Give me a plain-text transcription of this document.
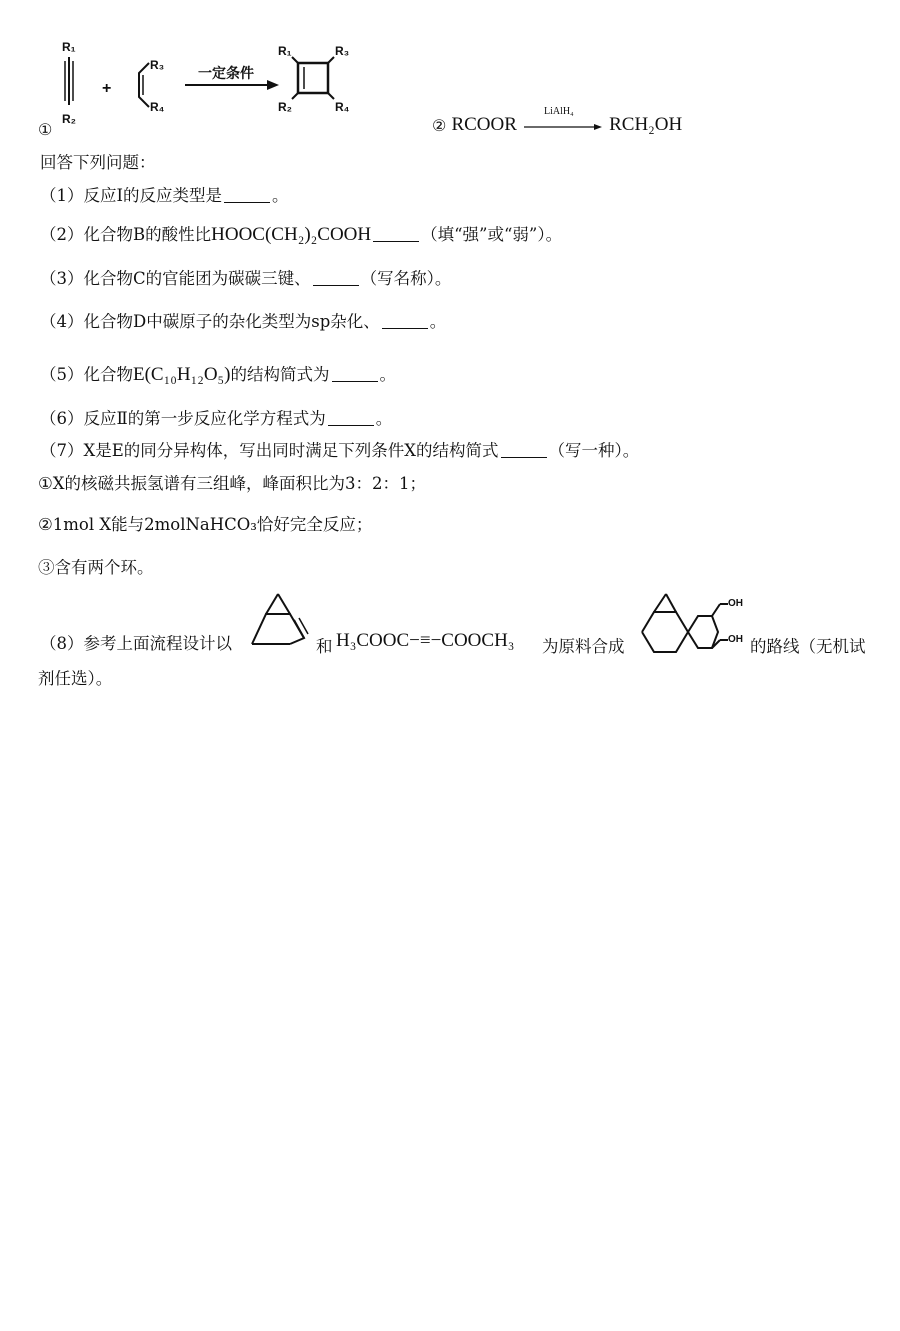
①
R₁
R₂
+
R₃
R₄
一定条件
R₁	R₃
R₂	R₄
② RCOOR
LiAlH₄
RCH₂OH
回答下列问题：
（1）反应Ⅰ的反应类型是	。
（2）化合物B的酸性比HOOC(CH₂)₂COOH	（填“强”或“弱”）。
（3）化合物C的官能团为碳碳三键、	（写名称）。
（4）化合物D中碳原子的杂化类型为sp杂化、	。
（5）化合物E(C₁₀H₁₂O₅)的结构简式为	。
（6）反应Ⅱ的第一步反应化学方程式为	。
（7）X是E的同分异构体，写出同时满足下列条件X的结构简式	（写一种）。
①X的核磁共振氢谱有三组峰，峰面积比为3：2：1；
②1mol X能与2molNaHCO₃恰好完全反应；
③含有两个环。
（8）参考上面流程设计以	和 H₃COOC−≡−COOCH₃ 为原料合成
OH
OH 的路线（无机试
剂任选）。
